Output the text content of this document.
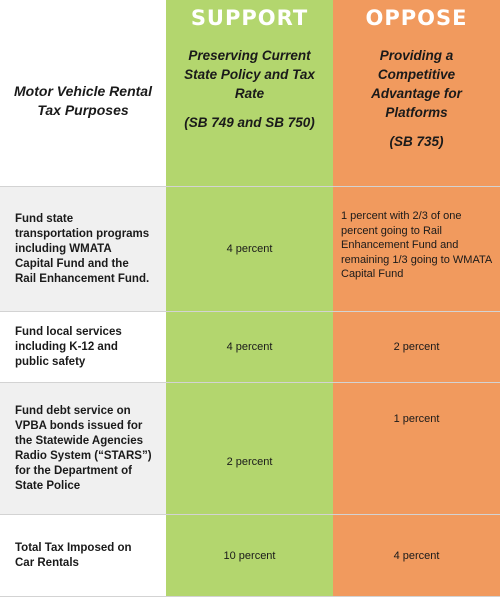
Motor Vehicle Rental Tax Purposes
SUPPORT
Preserving Current State Policy and Tax Rate
(SB 749 and SB 750)
OPPOSE
Providing a Competitive Advantage for Platforms
(SB 735)
Fund state transportation programs including WMATA Capital Fund and the Rail Enhancement Fund.
4 percent
1 percent with 2/3 of one percent going to Rail Enhancement Fund and remaining 1/3 going to WMATA Capital Fund
Fund local services including K-12 and public safety
4 percent	2 percent
Fund debt service on VPBA bonds issued for the Statewide Agencies Radio System (“STARS”) for the Department of State Police
2 percent
1 percent
Total Tax Imposed on Car Rentals
10 percent	4 percent
